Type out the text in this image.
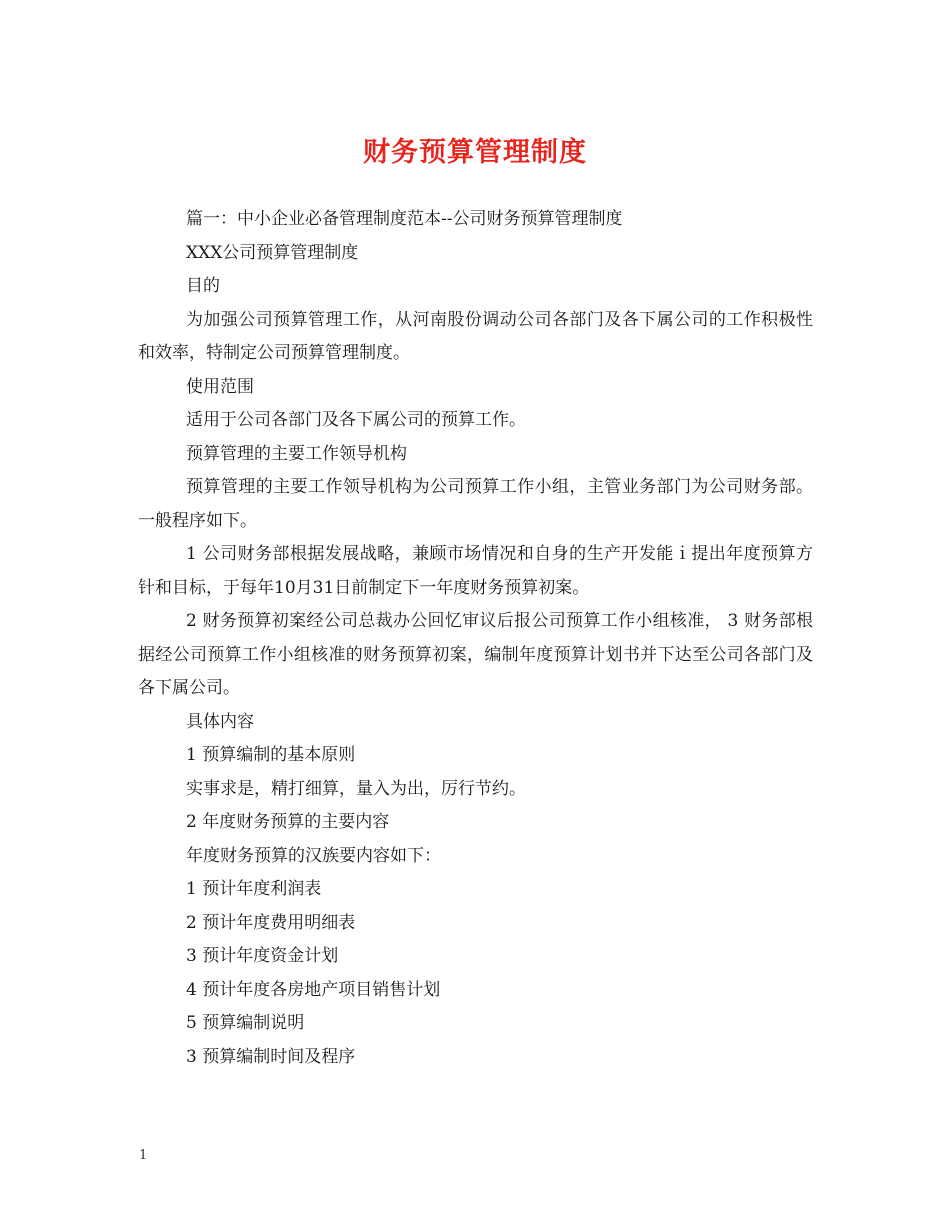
财务预算管理制度

篇一：中小企业必备管理制度范本--公司财务预算管理制度

XXX公司预算管理制度

目的

为加强公司预算管理工作，从河南股份调动公司各部门及各下属公司的工作积极性和效率，特制定公司预算管理制度。

使用范围

适用于公司各部门及各下属公司的预算工作。

预算管理的主要工作领导机构

预算管理的主要工作领导机构为公司预算工作小组，主管业务部门为公司财务部。一般程序如下。

1 公司财务部根据发展战略，兼顾市场情况和自身的生产开发能ｉ提出年度预算方针和目标，于每年10月31日前制定下一年度财务预算初案。

2 财务预算初案经公司总裁办公回忆审议后报公司预算工作小组核准， 3 财务部根据经公司预算工作小组核准的财务预算初案，编制年度预算计划书并下达至公司各部门及各下属公司。

具体内容

1 预算编制的基本原则

实事求是，精打细算，量入为出，厉行节约。

2 年度财务预算的主要内容

年度财务预算的汉族要内容如下：

1 预计年度利润表

2 预计年度费用明细表

3 预计年度资金计划

4 预计年度各房地产项目销售计划

5 预算编制说明

3 预算编制时间及程序

1
